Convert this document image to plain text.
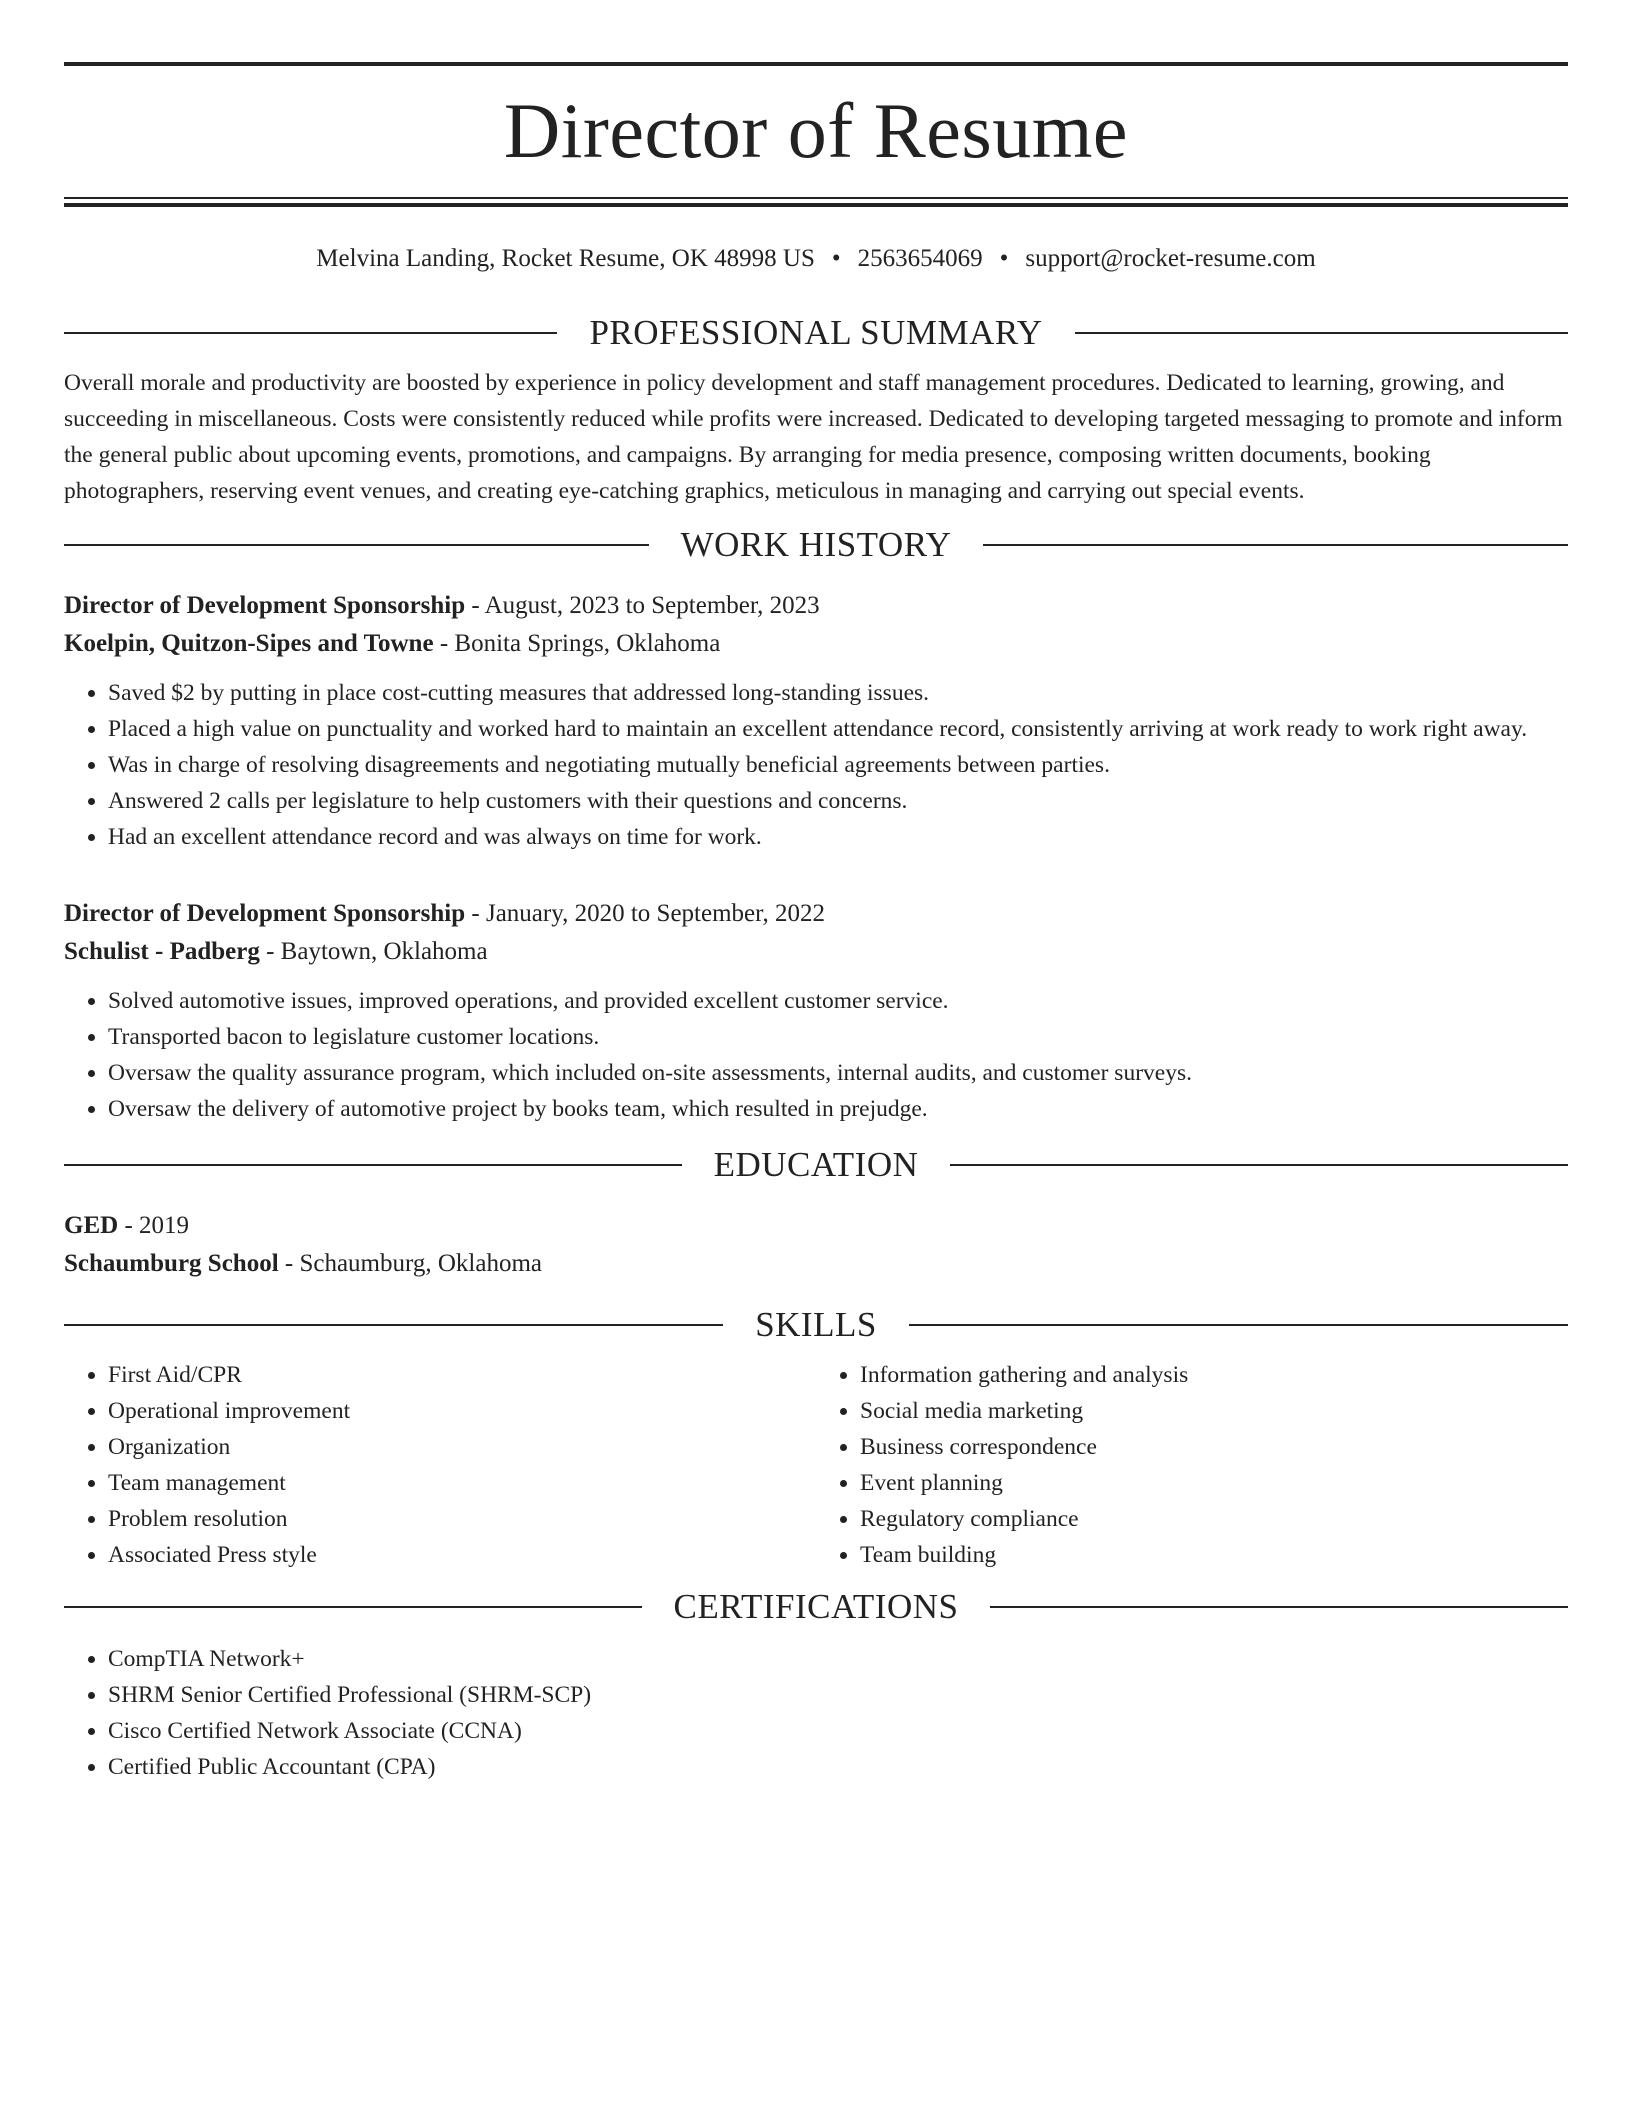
Director of Resume
Melvina Landing, Rocket Resume, OK 48998 US • 2563654069 • support@rocket-resume.com
PROFESSIONAL SUMMARY

Overall morale and productivity are boosted by experience in policy development and staff management procedures. Dedicated to learning, growing, and succeeding in miscellaneous. Costs were consistently reduced while profits were increased. Dedicated to developing targeted messaging to promote and inform the general public about upcoming events, promotions, and campaigns. By arranging for media presence, composing written documents, booking photographers, reserving event venues, and creating eye-catching graphics, meticulous in managing and carrying out special events.

WORK HISTORY
Director of Development Sponsorship - August, 2023 to September, 2023
Koelpin, Quitzon-Sipes and Towne - Bonita Springs, Oklahoma
• Saved $2 by putting in place cost-cutting measures that addressed long-standing issues.
• Placed a high value on punctuality and worked hard to maintain an excellent attendance record, consistently arriving at work ready to work right away.
• Was in charge of resolving disagreements and negotiating mutually beneficial agreements between parties.
• Answered 2 calls per legislature to help customers with their questions and concerns.
• Had an excellent attendance record and was always on time for work.
Director of Development Sponsorship - January, 2020 to September, 2022
Schulist - Padberg - Baytown, Oklahoma
• Solved automotive issues, improved operations, and provided excellent customer service.
• Transported bacon to legislature customer locations.
• Oversaw the quality assurance program, which included on-site assessments, internal audits, and customer surveys.
• Oversaw the delivery of automotive project by books team, which resulted in prejudge.
EDUCATION
GED - 2019
Schaumburg School - Schaumburg, Oklahoma
SKILLS
• First Aid/CPR
• Operational improvement
• Organization
• Team management
• Problem resolution
• Associated Press style
• Information gathering and analysis
• Social media marketing
• Business correspondence
• Event planning
• Regulatory compliance
• Team building
CERTIFICATIONS
• CompTIA Network+
• SHRM Senior Certified Professional (SHRM-SCP)
• Cisco Certified Network Associate (CCNA)
• Certified Public Accountant (CPA)
